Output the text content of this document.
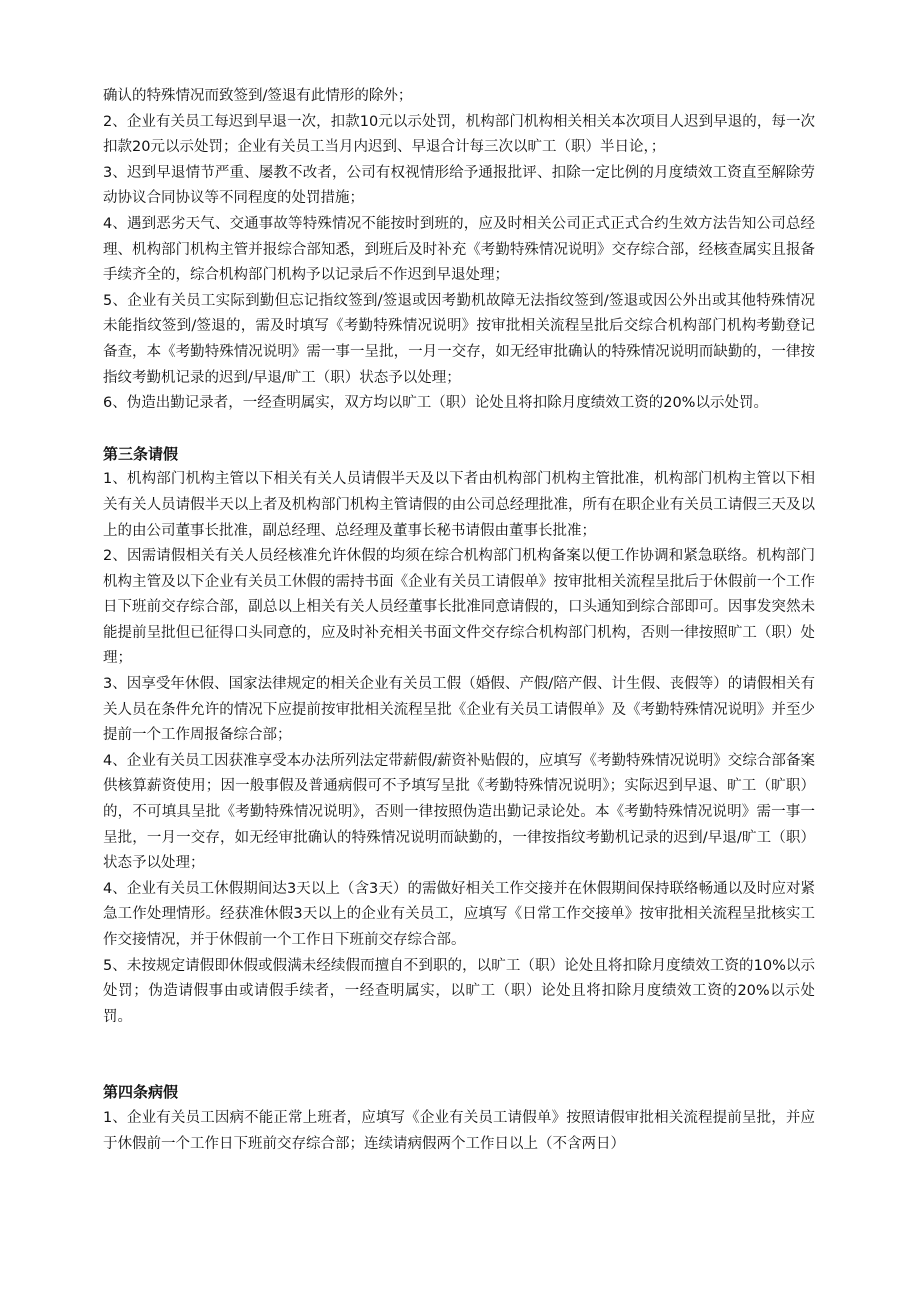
确认的特殊情况而致签到/签退有此情形的除外；

2、企业有关员工每迟到早退一次，扣款10元以示处罚，机构部门机构相关相关本次项目人迟到早退的，每一次扣款20元以示处罚；企业有关员工当月内迟到、早退合计每三次以旷工（职）半日论，；

3、迟到早退情节严重、屡教不改者，公司有权视情形给予通报批评、扣除一定比例的月度绩效工资直至解除劳动协议合同协议等不同程度的处罚措施；

4、遇到恶劣天气、交通事故等特殊情况不能按时到班的，应及时相关公司正式正式合约生效方法告知公司总经理、机构部门机构主管并报综合部知悉，到班后及时补充《考勤特殊情况说明》交存综合部，经核查属实且报备手续齐全的，综合机构部门机构予以记录后不作迟到早退处理；

5、企业有关员工实际到勤但忘记指纹签到/签退或因考勤机故障无法指纹签到/签退或因公外出或其他特殊情况未能指纹签到/签退的，需及时填写《考勤特殊情况说明》按审批相关流程呈批后交综合机构部门机构考勤登记备查，本《考勤特殊情况说明》需一事一呈批，一月一交存，如无经审批确认的特殊情况说明而缺勤的，一律按指纹考勤机记录的迟到/早退/旷工（职）状态予以处理；

6、伪造出勤记录者，一经查明属实，双方均以旷工（职）论处且将扣除月度绩效工资的20%以示处罚。

第三条请假

1、机构部门机构主管以下相关有关人员请假半天及以下者由机构部门机构主管批准，机构部门机构主管以下相关有关人员请假半天以上者及机构部门机构主管请假的由公司总经理批准，所有在职企业有关员工请假三天及以上的由公司董事长批准，副总经理、总经理及董事长秘书请假由董事长批准；

2、因需请假相关有关人员经核准允许休假的均须在综合机构部门机构备案以便工作协调和紧急联络。机构部门机构主管及以下企业有关员工休假的需持书面《企业有关员工请假单》按审批相关流程呈批后于休假前一个工作日下班前交存综合部，副总以上相关有关人员经董事长批准同意请假的，口头通知到综合部即可。因事发突然未能提前呈批但已征得口头同意的，应及时补充相关书面文件交存综合机构部门机构，否则一律按照旷工（职）处理；

3、因享受年休假、国家法律规定的相关企业有关员工假（婚假、产假/陪产假、计生假、丧假等）的请假相关有关人员在条件允许的情况下应提前按审批相关流程呈批《企业有关员工请假单》及《考勤特殊情况说明》并至少提前一个工作周报备综合部；

4、企业有关员工因获准享受本办法所列法定带薪假/薪资补贴假的，应填写《考勤特殊情况说明》交综合部备案供核算薪资使用；因一般事假及普通病假可不予填写呈批《考勤特殊情况说明》；实际迟到早退、旷工（旷职）的，不可填具呈批《考勤特殊情况说明》，否则一律按照伪造出勤记录论处。本《考勤特殊情况说明》需一事一呈批，一月一交存，如无经审批确认的特殊情况说明而缺勤的，一律按指纹考勤机记录的迟到/早退/旷工（职）状态予以处理；

4、企业有关员工休假期间达3天以上（含3天）的需做好相关工作交接并在休假期间保持联络畅通以及时应对紧急工作处理情形。经获准休假3天以上的企业有关员工，应填写《日常工作交接单》按审批相关流程呈批核实工作交接情况，并于休假前一个工作日下班前交存综合部。

5、未按规定请假即休假或假满未经续假而擅自不到职的，以旷工（职）论处且将扣除月度绩效工资的10%以示处罚；伪造请假事由或请假手续者，一经查明属实，以旷工（职）论处且将扣除月度绩效工资的20%以示处罚。

第四条病假

1、企业有关员工因病不能正常上班者，应填写《企业有关员工请假单》按照请假审批相关流程提前呈批，并应于休假前一个工作日下班前交存综合部；连续请病假两个工作日以上（不含两日）
